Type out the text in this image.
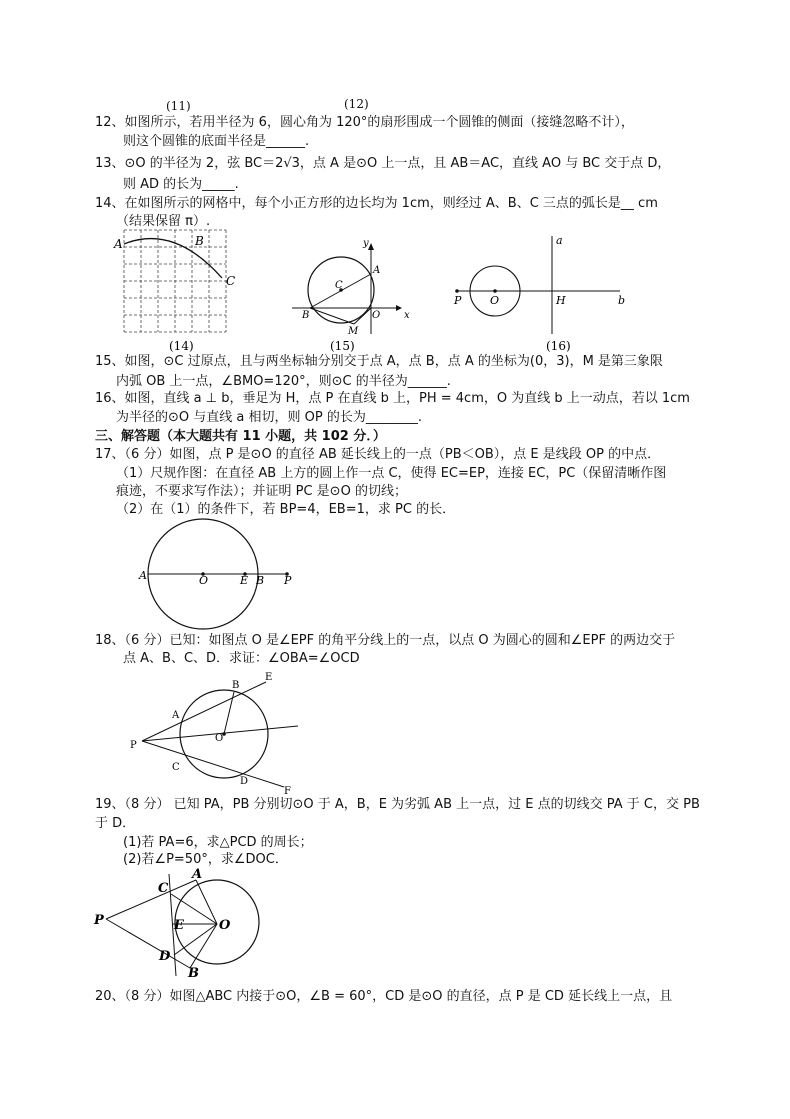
(11)	(12)
12、如图所示，若用半径为 6，圆心角为 120°的扇形围成一个圆锥的侧面（接缝忽略不计），
则这个圆锥的底面半径是______.
13、⊙O 的半径为 2，弦 BC＝2√3，点 A 是⊙O 上一点，且 AB＝AC，直线 AO 与 BC 交于点 D，
则 AD 的长为_____.
14、在如图所示的网格中，每个小正方形的边长均为 1cm，则经过 A、B、C 三点的弧长是__ cm
（结果保留 π）.
A	B
C
(14)
y
A
C
B
M
O x
(15)
a
P	O	H	b
(16)
15、如图，⊙C 过原点，且与两坐标轴分别交于点 A，点 B，点 A 的坐标为(0，3)，M 是第三象限
内弧 OB 上一点，∠BMO=120°，则⊙C 的半径为______.
16、如图，直线 a ⊥ b，垂足为 H，点 P 在直线 b 上，PH = 4cm，O 为直线 b 上一动点，若以 1cm
为半径的⊙O 与直线 a 相切，则 OP 的长为________.
三、解答题（本大题共有 11 小题，共 102 分．）
17、（6 分）如图，点 P 是⊙O 的直径 AB 延长线上的一点（PB＜OB），点 E 是线段 OP 的中点．
（1）尺规作图：在直径 AB 上方的圆上作一点 C，使得 EC=EP，连接 EC，PC（保留清晰作图
痕迹，不要求写作法）；并证明 PC 是⊙O 的切线；
（2）在（1）的条件下，若 BP=4，EB=1，求 PC 的长．
A	O	E B P
18、（6 分）已知：如图点 O 是∠EPF 的角平分线上的一点，以点 O 为圆心的圆和∠EPF 的两边交于
点 A、B、C、D．求证：∠OBA=∠OCD
E
B
A
P
O
C
D
F
19、（8 分） 已知 PA，PB 分别切⊙O 于 A，B，E 为劣弧 AB 上一点，过 E 点的切线交 PA 于 C，交 PB
于 D．
(1)若 PA=6，求△PCD 的周长；
(2)若∠P=50°，求∠DOC．
C
A
P	E	O
D
B
20、（8 分）如图△ABC 内接于⊙O，∠B = 60°，CD 是⊙O 的直径，点 P 是 CD 延长线上一点，且
